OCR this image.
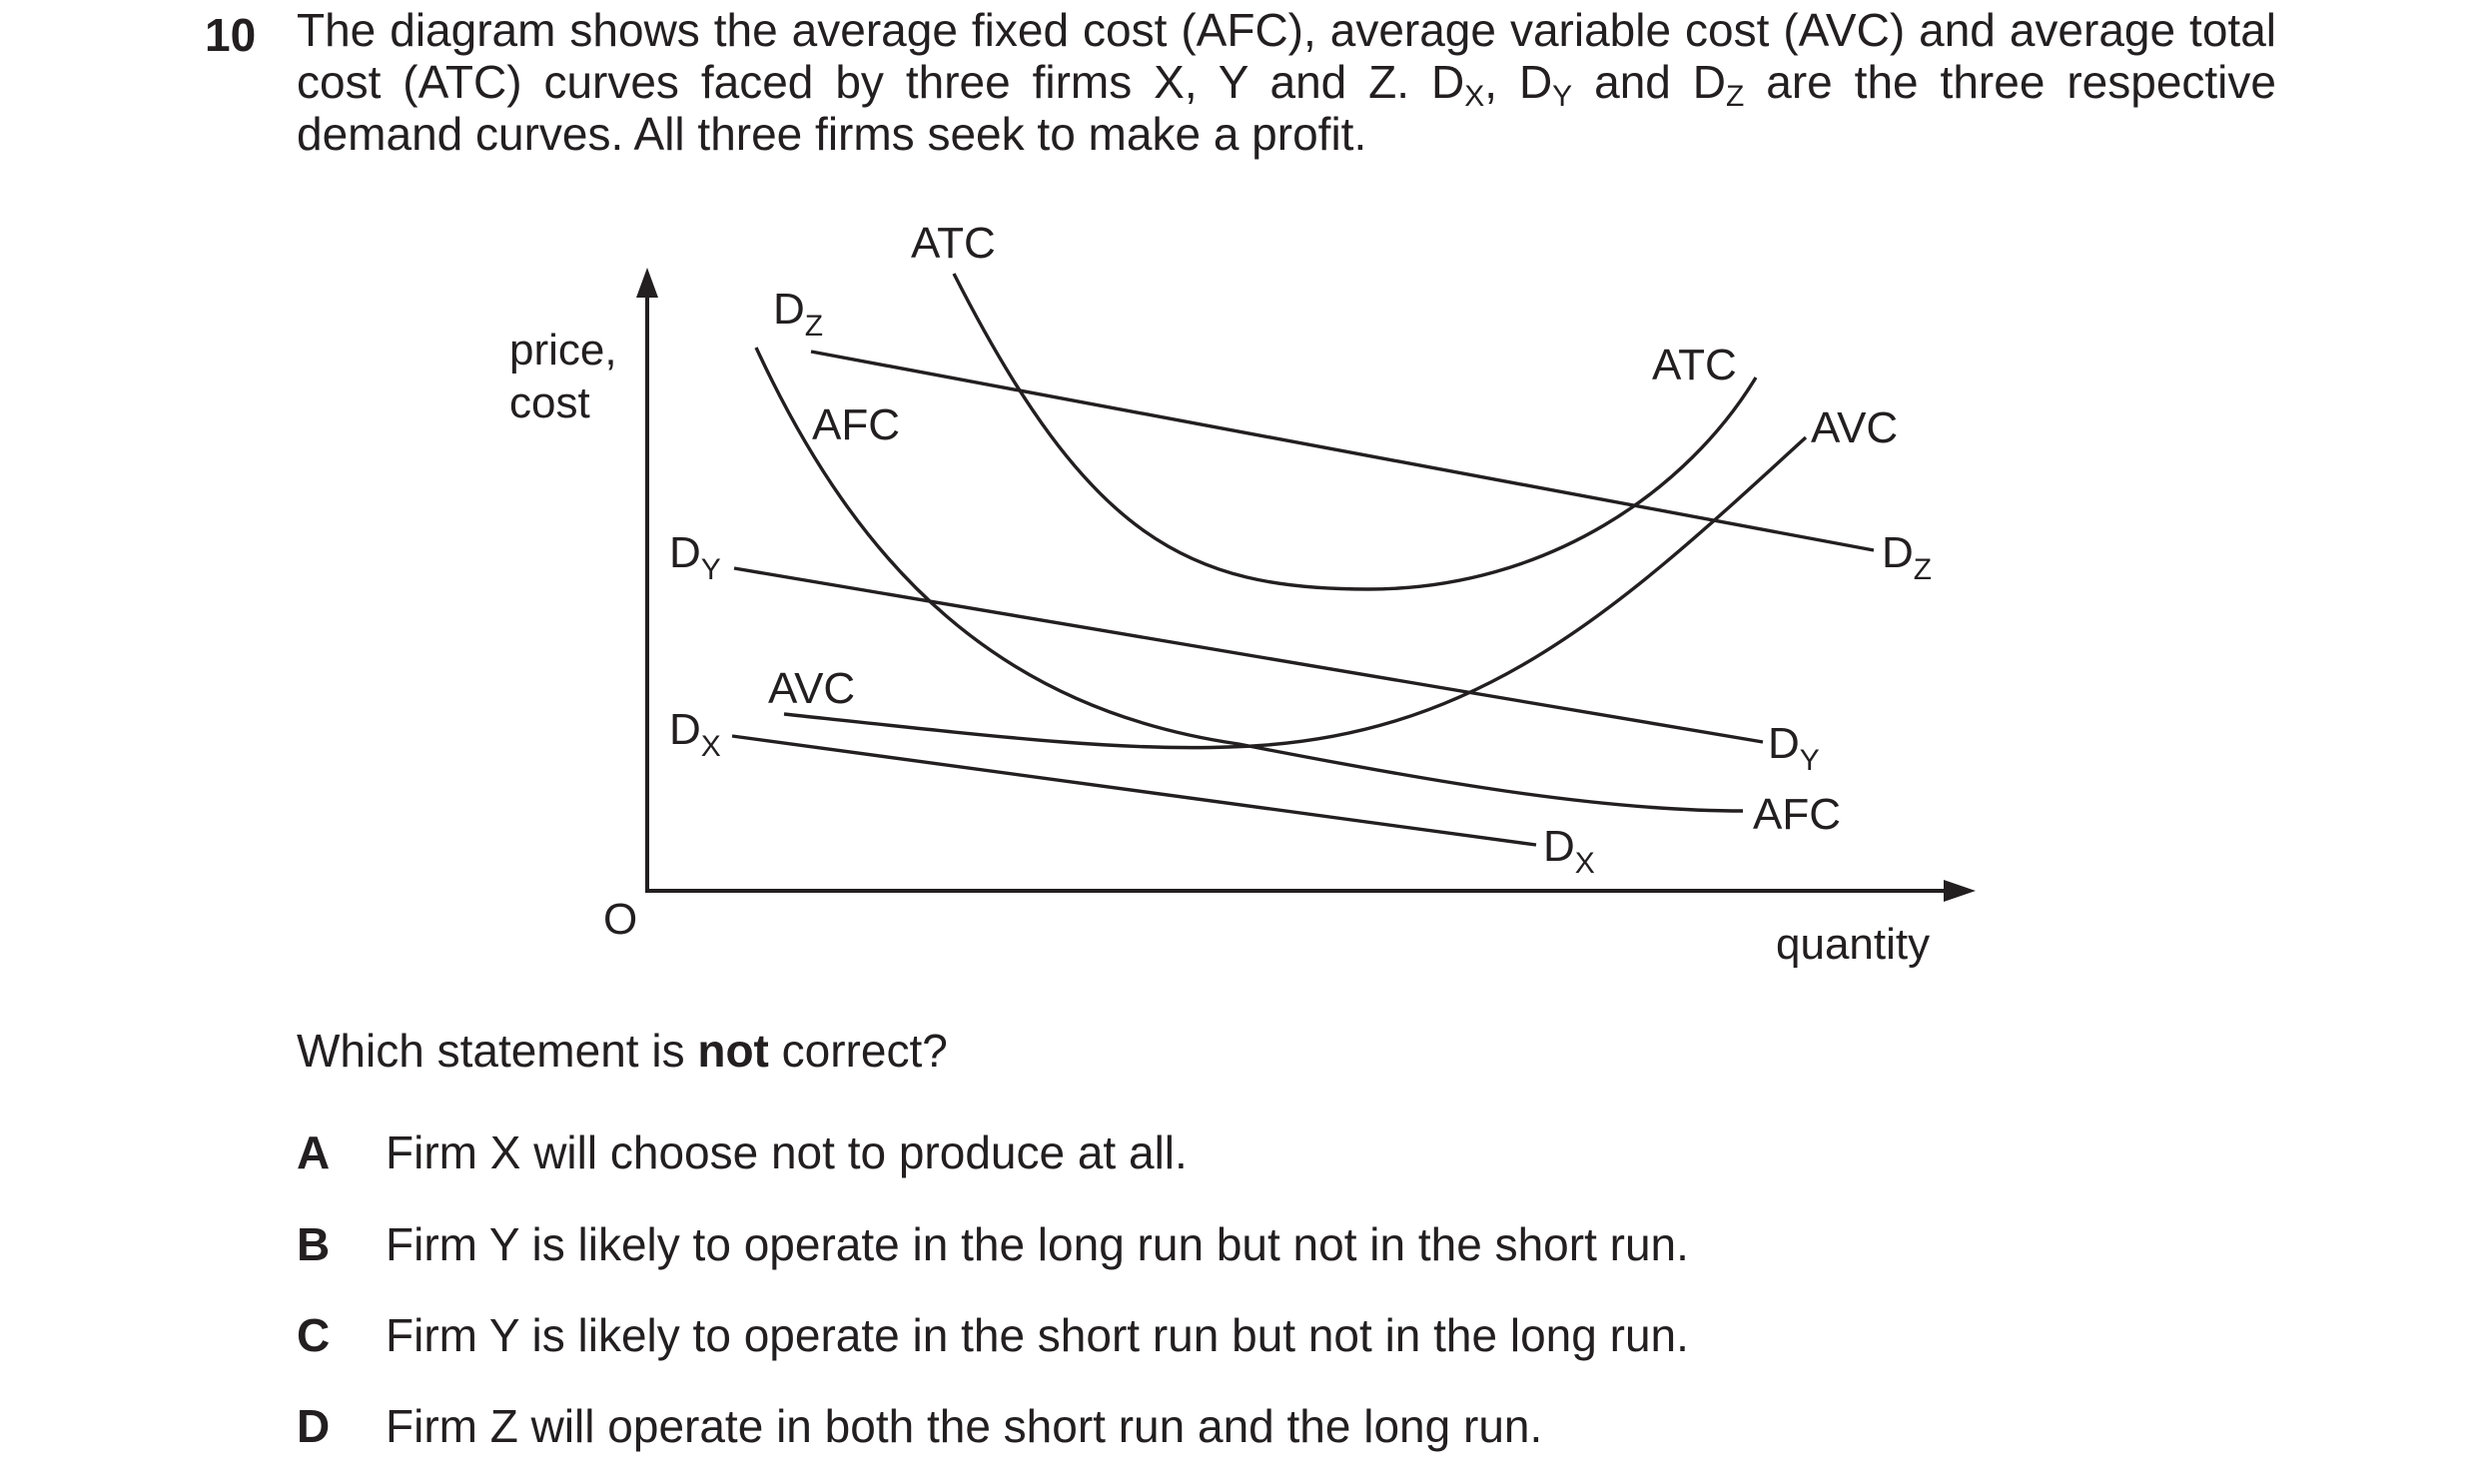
10 The diagram shows the average fixed cost (AFC), average variable cost (AVC) and average total
cost (ATC) curves faced by three firms X, Y and Z. $D_X$, $D_Y$ and $D_Z$ are the three respective
demand curves. All three firms seek to make a profit.
price,
cost
O
quantity
ATC
ATC
AFC
AFC
AVC
AVC
$D_Z$
$D_Z$
$D_Y$
$D_Y$
$D_X$
$D_X$
Which statement is not correct?
A Firm X will choose not to produce at all.
B Firm Y is likely to operate in the long run but not in the short run.
C Firm Y is likely to operate in the short run but not in the long run.
D Firm Z will operate in both the short run and the long run.
